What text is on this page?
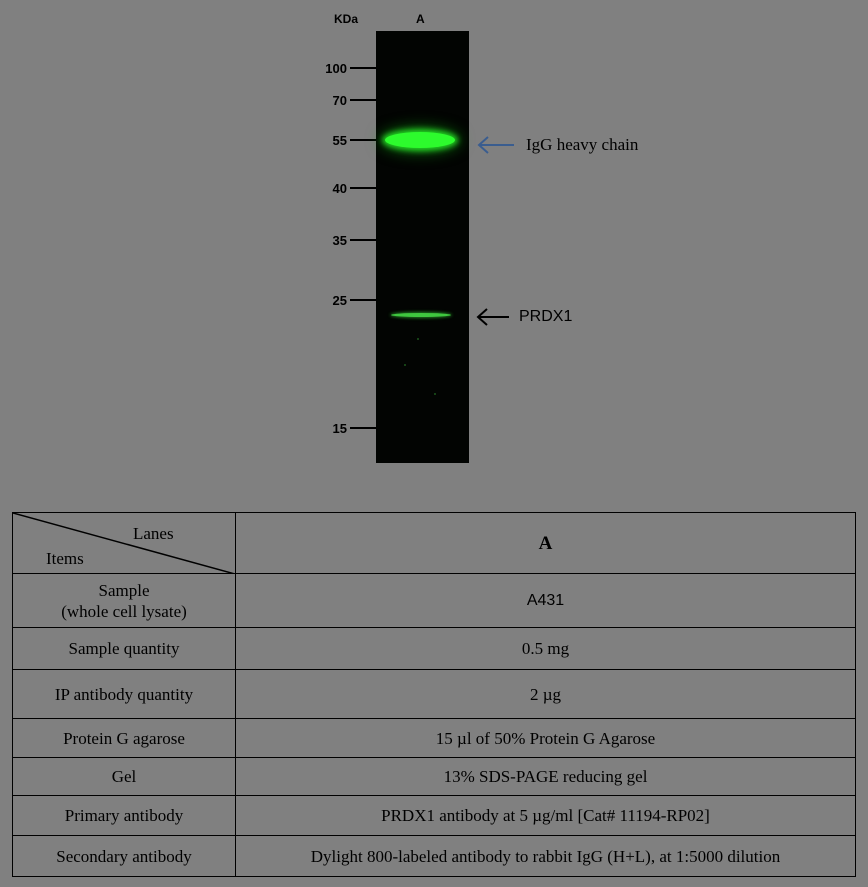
KDa	A
100
70
55
40
35
25
15
IgG heavy chain
PRDX1
Lanes
Items	A
Sample
(whole cell lysate)	A431
Sample quantity	0.5 mg
IP antibody quantity	2 µg
Protein G agarose	15 µl of 50% Protein G Agarose
Gel	13% SDS-PAGE reducing gel
Primary antibody	PRDX1 antibody at 5 µg/ml [Cat# 11194-RP02]
Secondary antibody	Dylight 800-labeled antibody to rabbit IgG (H+L), at 1:5000 dilution
